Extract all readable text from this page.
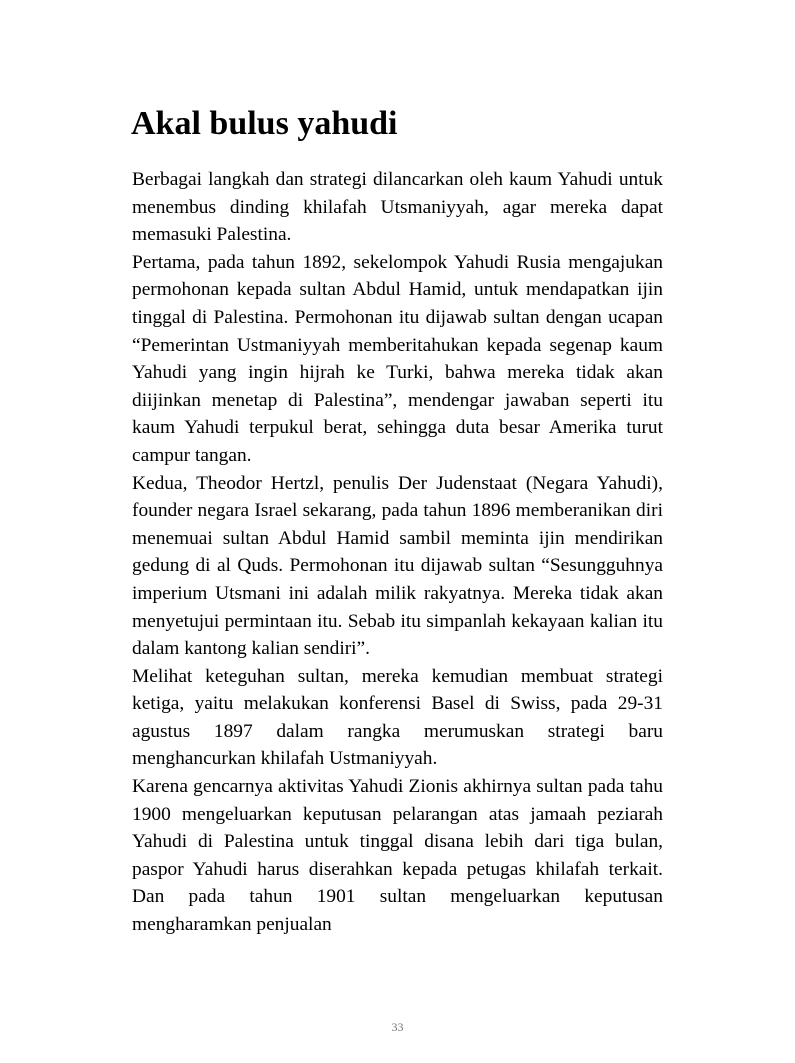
Akal bulus yahudi

Berbagai langkah dan strategi dilancarkan oleh kaum Yahudi untuk menembus dinding khilafah Utsmaniyyah, agar mereka dapat memasuki Palestina.

Pertama, pada tahun 1892, sekelompok Yahudi Rusia mengajukan permohonan kepada sultan Abdul Hamid, untuk mendapatkan ijin tinggal di Palestina. Permohonan itu dijawab sultan dengan ucapan “Pemerintan Ustmaniyyah memberitahukan kepada segenap kaum Yahudi yang ingin hijrah ke Turki, bahwa mereka tidak akan diijinkan menetap di Palestina”, mendengar jawaban seperti itu kaum Yahudi terpukul berat, sehingga duta besar Amerika turut campur tangan.

Kedua, Theodor Hertzl, penulis Der Judenstaat (Negara Yahudi), founder negara Israel sekarang, pada tahun 1896 memberanikan diri menemuai sultan Abdul Hamid sambil meminta ijin mendirikan gedung di al Quds. Permohonan itu dijawab sultan “Sesungguhnya imperium Utsmani ini adalah milik rakyatnya. Mereka tidak akan menyetujui permintaan itu. Sebab itu simpanlah kekayaan kalian itu dalam kantong kalian sendiri”.

Melihat keteguhan sultan, mereka kemudian membuat strategi ketiga, yaitu melakukan konferensi Basel di Swiss, pada 29-31 agustus 1897 dalam rangka merumuskan strategi baru menghancurkan khilafah Ustmaniyyah.

Karena gencarnya aktivitas Yahudi Zionis akhirnya sultan pada tahu 1900 mengeluarkan keputusan pelarangan atas jamaah peziarah Yahudi di Palestina untuk tinggal disana lebih dari tiga bulan, paspor Yahudi harus diserahkan kepada petugas khilafah terkait. Dan pada tahun 1901 sultan mengeluarkan keputusan mengharamkan penjualan

33
